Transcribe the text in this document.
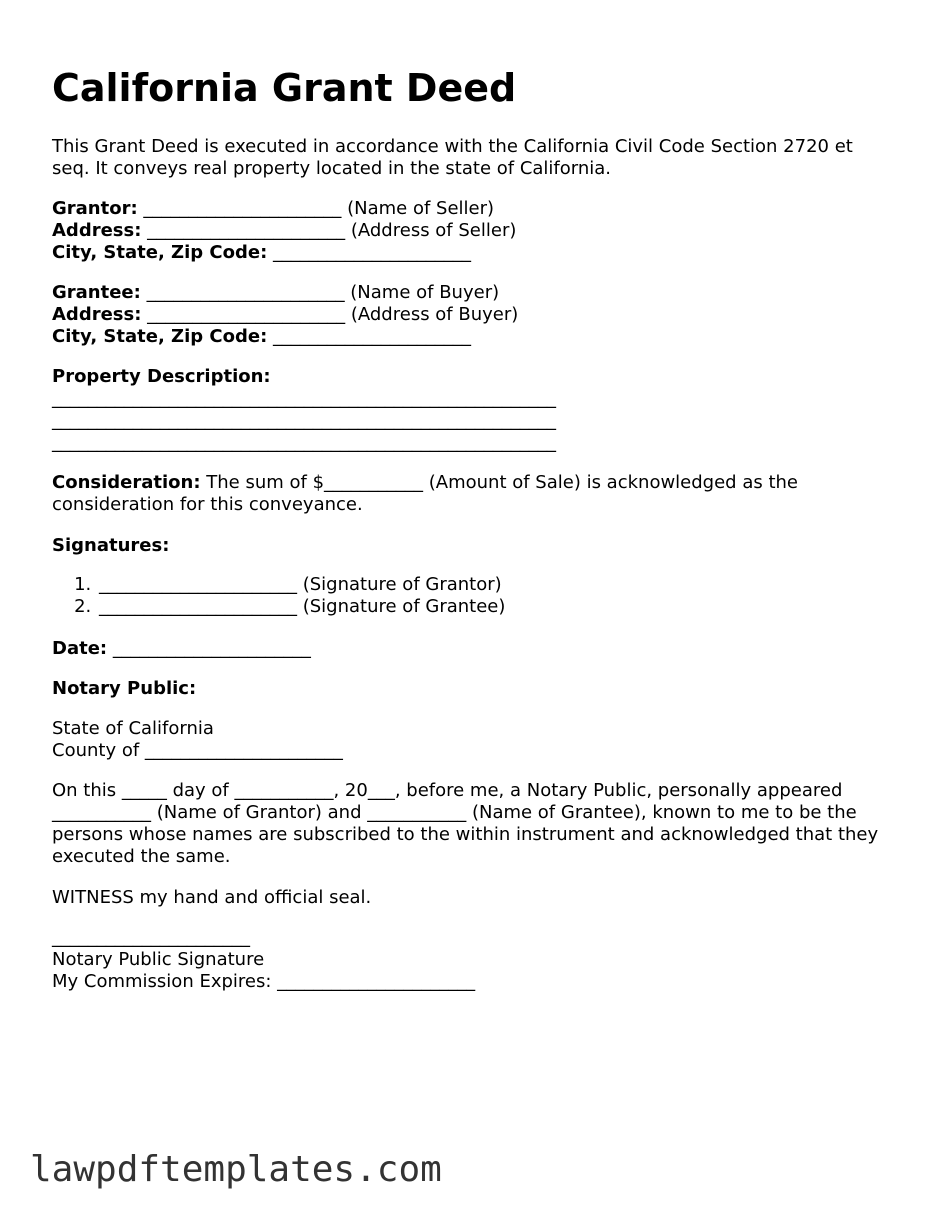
California Grant Deed
This Grant Deed is executed in accordance with the California Civil Code Section 2720 et seq. It conveys real property located in the state of California.
Grantor: ______________________ (Name of Seller)
Address: ______________________ (Address of Seller)
City, State, Zip Code: ______________________
Grantee: ______________________ (Name of Buyer)
Address: ______________________ (Address of Buyer)
City, State, Zip Code: ______________________
Property Description:
________________________________________________________
________________________________________________________
________________________________________________________
Consideration: The sum of $___________ (Amount of Sale) is acknowledged as the consideration for this conveyance.
Signatures:
1. ______________________ (Signature of Grantor)
2. ______________________ (Signature of Grantee)
Date: ______________________
Notary Public:
State of California
County of ______________________
On this _____ day of ___________, 20___, before me, a Notary Public, personally appeared ___________ (Name of Grantor) and ___________ (Name of Grantee), known to me to be the persons whose names are subscribed to the within instrument and acknowledged that they executed the same.
WITNESS my hand and official seal.
______________________
Notary Public Signature
My Commission Expires: ______________________
lawpdftemplates.com
